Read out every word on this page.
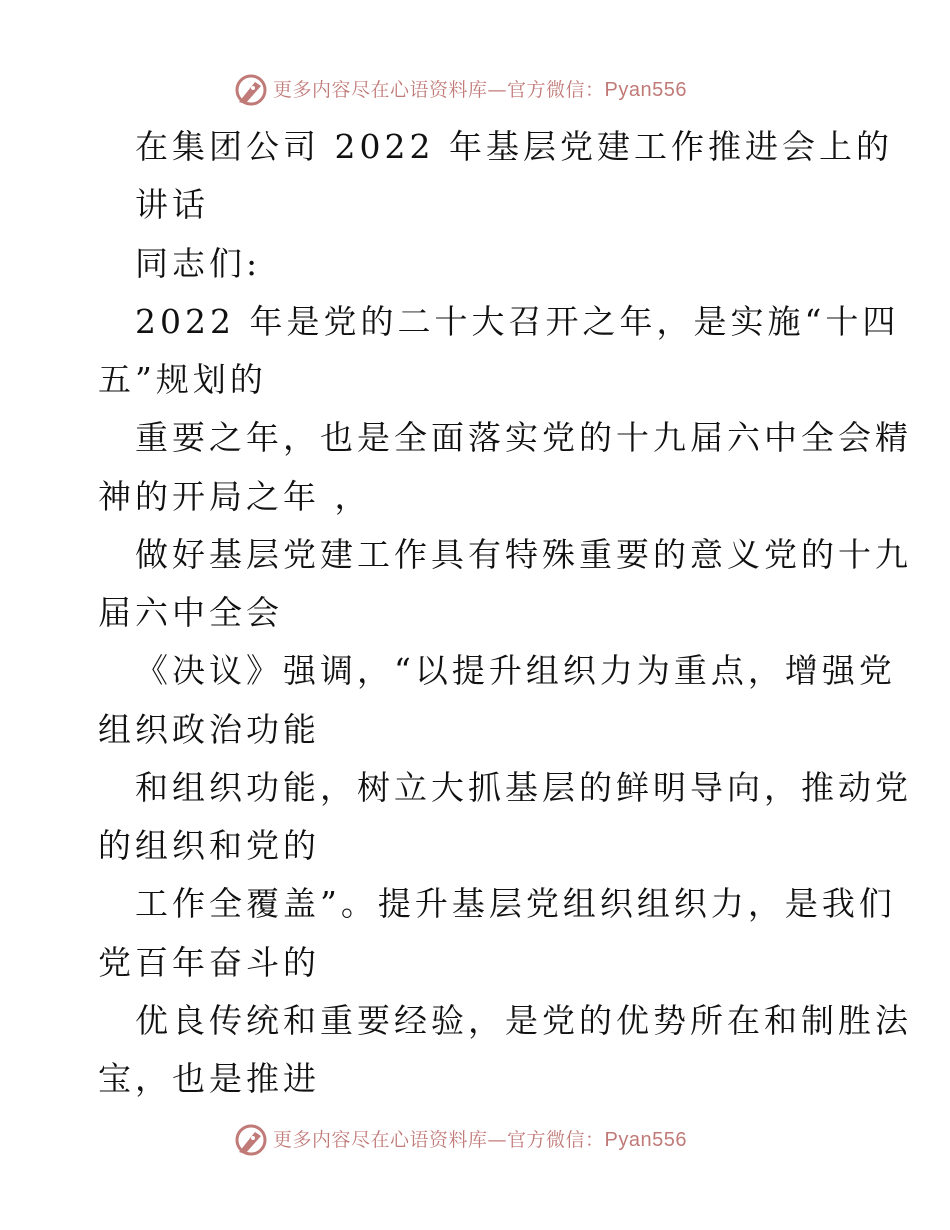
更多内容尽在心语资料库—官方微信：Pyan556
在集团公司 2022 年基层党建工作推进会上的
讲话
同志们:
2022 年是党的二十大召开之年，是实施“十四
五”规划的
重要之年，也是全面落实党的十九届六中全会精
神的开局之年 ，
做好基层党建工作具有特殊重要的意义党的十九
届六中全会
《决议》强调，“以提升组织力为重点，增强党
组织政治功能
和组织功能，树立大抓基层的鲜明导向，推动党
的组织和党的
工作全覆盖”。提升基层党组织组织力，是我们
党百年奋斗的
优良传统和重要经验，是党的优势所在和制胜法
宝，也是推进
更多内容尽在心语资料库—官方微信：Pyan556
